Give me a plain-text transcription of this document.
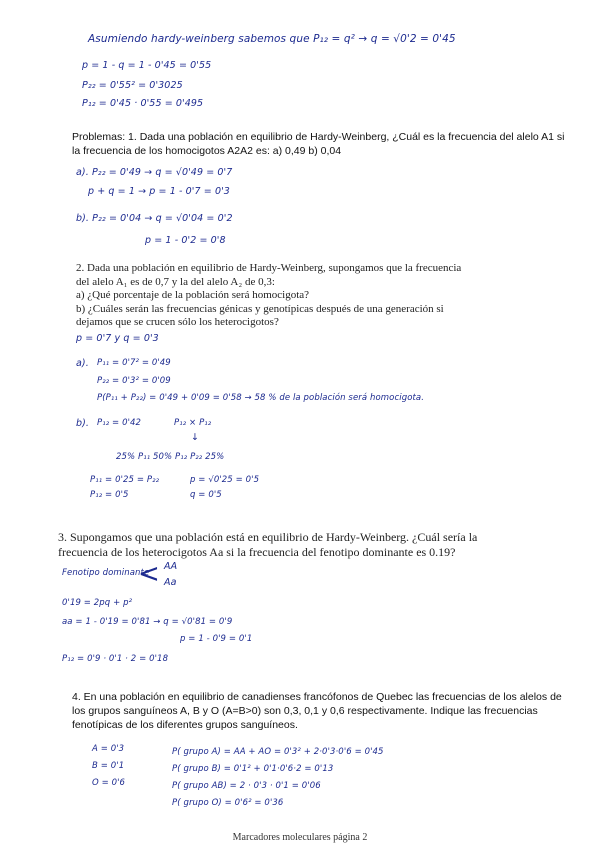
Asumiendo hardy-weinberg sabemos que P₁₂ = q² → q = √0'2 = 0'45
p = 1 - q = 1 - 0'45 = 0'55
P₂₂ = 0'55² = 0'3025
P₁₂ = 0'45 · 0'55 = 0'495
Problemas: 1. Dada una población en equilibrio de Hardy-Weinberg, ¿Cuál es la frecuencia del alelo A1 si
la frecuencia de los homocigotos A2A2 es: a) 0,49 b) 0,04
a). P₂₂ = 0'49 → q = √0'49 = 0'7
p + q = 1 → p = 1 - 0'7 = 0'3
b). P₂₂ = 0'04 → q = √0'04 = 0'2
p = 1 - 0'2 = 0'8
2. Dada una población en equilibrio de Hardy-Weinberg, supongamos que la frecuencia
del alelo A₁ es de 0,7 y la del alelo A₂ de 0,3:
a) ¿Qué porcentaje de la población será homocigota?
b) ¿Cuáles serán las frecuencias génicas y genotípicas después de una generación si
dejamos que se crucen sólo los heterocigotos?
p = 0'7 y q = 0'3
a). P₁₁ = 0'7² = 0'49
P₂₂ = 0'3² = 0'09
P(P₁₁ + P₂₂) = 0'49 + 0'09 = 0'58 → 58 % de la población será homocigota.
b). P₁₂ = 0'42	P₁₂ × P₁₂
↓
25% P₁₁ 50% P₁₂ P₂₂ 25%
P₁₁ = 0'25 = P₂₂
P₁₂ = 0'5
p = √0'25 = 0'5
q = 0'5
3. Supongamos que una población está en equilibrio de Hardy-Weinberg. ¿Cuál sería la
frecuencia de los heterocigotos Aa si la frecuencia del fenotipo dominante es 0.19?
Fenotipo dominante
< AA
Aa
0'19 = 2pq + p²
aa = 1 - 0'19 = 0'81 → q = √0'81 = 0'9
p = 1 - 0'9 = 0'1
P₁₂ = 0'9 · 0'1 · 2 = 0'18
4. En una población en equilibrio de canadienses francófonos de Quebec las frecuencias de los alelos de
los grupos sanguíneos A, B y O (A=B>0) son 0,3, 0,1 y 0,6 respectivamente. Indique las frecuencias
fenotípicas de los diferentes grupos sanguíneos.
A = 0'3
B = 0'1
O = 0'6
P( grupo A) = AA + AO = 0'3² + 2·0'3·0'6 = 0'45
P( grupo B) = 0'1² + 0'1·0'6·2 = 0'13
P( grupo AB) = 2 · 0'3 · 0'1 = 0'06
P( grupo O) = 0'6² = 0'36
Marcadores moleculares página 2
